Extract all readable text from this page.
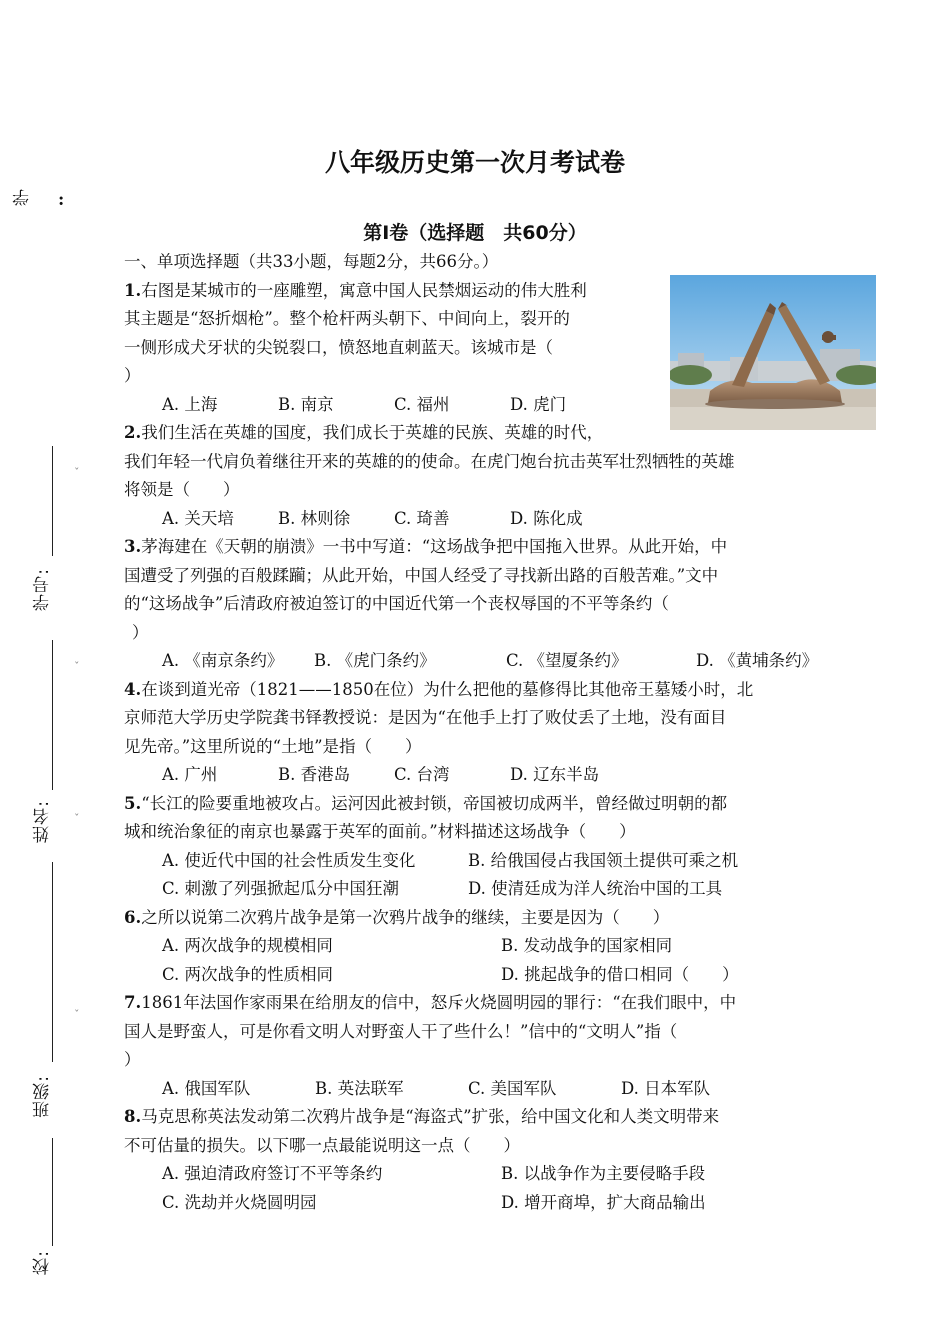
学 :
学号:
姓名:
班级:
校:
ˇ
ˇ
ˇ
ˇ
八年级历史第一次月考试卷
第Ⅰ卷（选择题　共60分）
一、单项选择题（共33小题，每题2分，共66分。）
1.右图是某城市的一座雕塑，寓意中国人民禁烟运动的伟大胜利
其主题是“怒折烟枪”。整个枪杆两头朝下、中间向上，裂开的
一侧形成犬牙状的尖锐裂口，愤怒地直刺蓝天。该城市是（
）
A. 上海	B. 南京	C. 福州	D. 虎门
2.我们生活在英雄的国度，我们成长于英雄的民族、英雄的时代，
我们年轻一代肩负着继往开来的英雄的的使命。在虎门炮台抗击英军壮烈牺牲的英雄
将领是（　　）
A. 关天培	B. 林则徐	C. 琦善	D. 陈化成
3.茅海建在《天朝的崩溃》一书中写道：“这场战争把中国拖入世界。从此开始，中
国遭受了列强的百般蹂躏；从此开始，中国人经受了寻找新出路的百般苦难。”文中
的“这场战争”后清政府被迫签订的中国近代第一个丧权辱国的不平等条约（
）
A. 《南京条约》	B. 《虎门条约》	C. 《望厦条约》	D. 《黄埔条约》
4.在谈到道光帝（1821——1850在位）为什么把他的墓修得比其他帝王墓矮小时，北
京师范大学历史学院龚书铎教授说：是因为“在他手上打了败仗丢了土地，没有面目
见先帝。”这里所说的“土地”是指（　　）
A. 广州	B. 香港岛	C. 台湾	D. 辽东半岛
5.“长江的险要重地被攻占。运河因此被封锁，帝国被切成两半，曾经做过明朝的都
城和统治象征的南京也暴露于英军的面前。”材料描述这场战争（　　）
A. 使近代中国的社会性质发生变化	B. 给俄国侵占我国领土提供可乘之机
C. 刺激了列强掀起瓜分中国狂潮	D. 使清廷成为洋人统治中国的工具
6.之所以说第二次鸦片战争是第一次鸦片战争的继续，主要是因为（　　）
A. 两次战争的规模相同	B. 发动战争的国家相同
C. 两次战争的性质相同	D. 挑起战争的借口相同（　　）
7.1861年法国作家雨果在给朋友的信中，怒斥火烧圆明园的罪行：“在我们眼中，中
国人是野蛮人，可是你看文明人对野蛮人干了些什么！”信中的“文明人”指（
）
A. 俄国军队	B. 英法联军	C. 美国军队	D. 日本军队
8.马克思称英法发动第二次鸦片战争是“海盗式”扩张，给中国文化和人类文明带来
不可估量的损失。以下哪一点最能说明这一点（　　）
A. 强迫清政府签订不平等条约	B. 以战争作为主要侵略手段
C. 洗劫并火烧圆明园	D. 增开商埠，扩大商品输出
